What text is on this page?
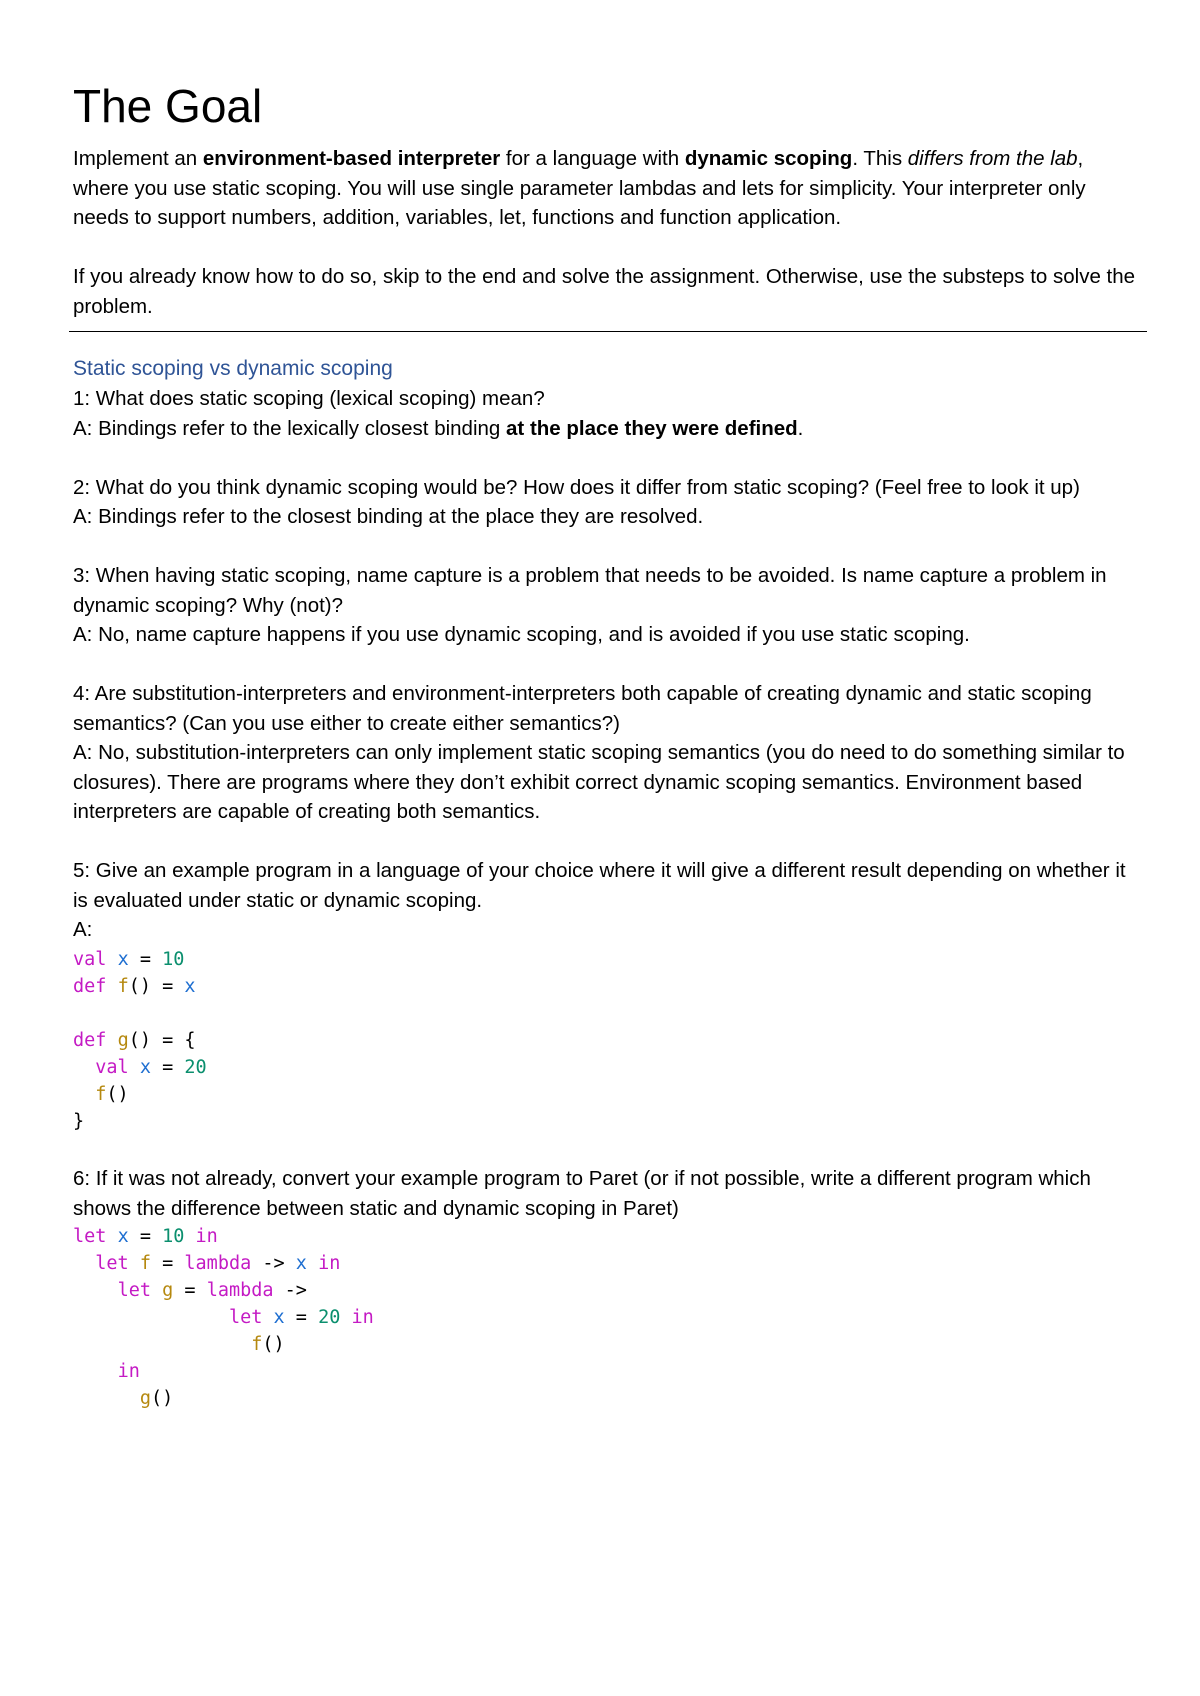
The Goal

Implement an environment-based interpreter for a language with dynamic scoping. This differs from the lab, where you use static scoping. You will use single parameter lambdas and lets for simplicity. Your interpreter only needs to support numbers, addition, variables, let, functions and function application.

If you already know how to do so, skip to the end and solve the assignment. Otherwise, use the substeps to solve the problem.

Static scoping vs dynamic scoping

1: What does static scoping (lexical scoping) mean?

A: Bindings refer to the lexically closest binding at the place they were defined.

2: What do you think dynamic scoping would be? How does it differ from static scoping? (Feel free to look it up)

A: Bindings refer to the closest binding at the place they are resolved.

3: When having static scoping, name capture is a problem that needs to be avoided. Is name capture a problem in dynamic scoping? Why (not)?

A: No, name capture happens if you use dynamic scoping, and is avoided if you use static scoping.

4: Are substitution-interpreters and environment-interpreters both capable of creating dynamic and static scoping semantics? (Can you use either to create either semantics?)

A: No, substitution-interpreters can only implement static scoping semantics (you do need to do something similar to closures). There are programs where they don’t exhibit correct dynamic scoping semantics. Environment based interpreters are capable of creating both semantics.

5: Give an example program in a language of your choice where it will give a different result depending on whether it is evaluated under static or dynamic scoping.

A:

val x = 10

def f() = x

def g() = {

val x = 20

f()

}

6: If it was not already, convert your example program to Paret (or if not possible, write a different program which shows the difference between static and dynamic scoping in Paret)

let x = 10 in

let f = lambda -> x in

let g = lambda ->

let x = 20 in

f()

in

g()
